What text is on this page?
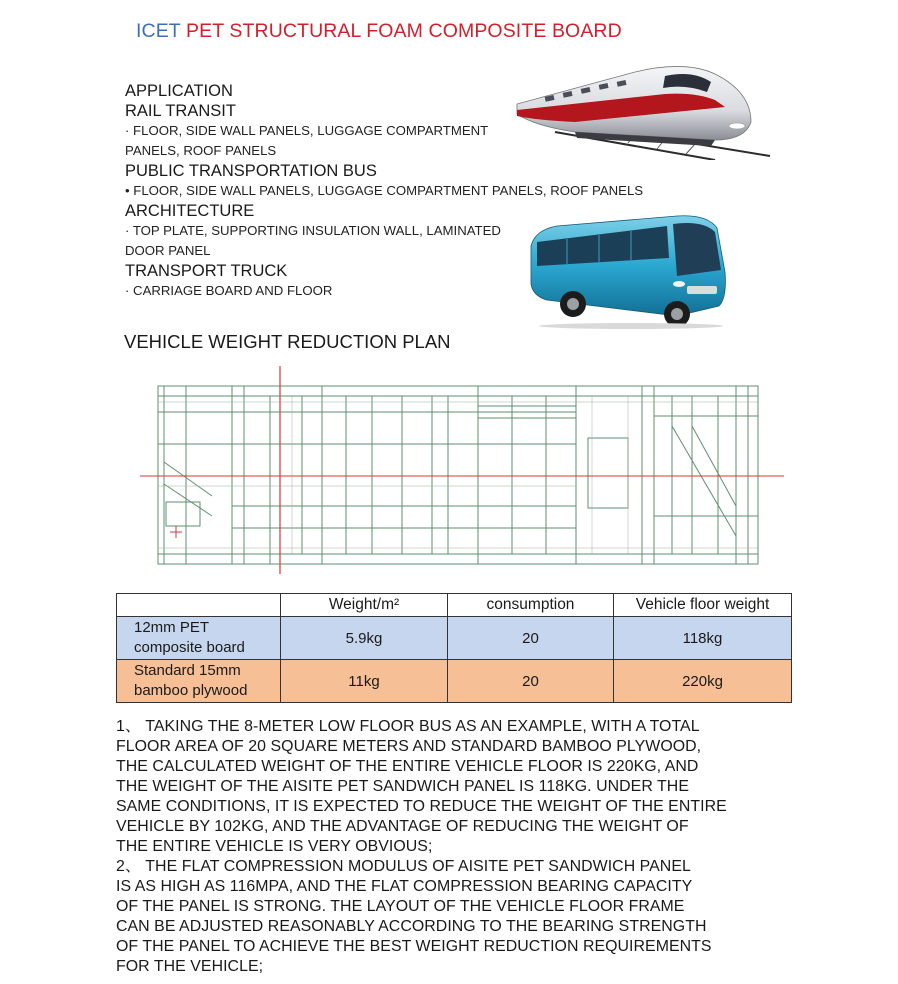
ICET PET STRUCTURAL FOAM COMPOSITE BOARD
APPLICATION
RAIL TRANSIT
· FLOOR, SIDE WALL PANELS, LUGGAGE COMPARTMENT
PANELS, ROOF PANELS
PUBLIC TRANSPORTATION BUS
• FLOOR, SIDE WALL PANELS, LUGGAGE COMPARTMENT PANELS, ROOF PANELS
ARCHITECTURE
· TOP PLATE, SUPPORTING INSULATION WALL, LAMINATED
DOOR PANEL
TRANSPORT TRUCK
· CARRIAGE BOARD AND FLOOR
VEHICLE WEIGHT REDUCTION PLAN
	Weight/m²	consumption	Vehicle floor weight

12mm PET
composite board	5.9kg	20	118kg

Standard 15mm
bamboo plywood	11kg	20	220kg

1、 TAKING THE 8-METER LOW FLOOR BUS AS AN EXAMPLE, WITH A TOTAL

FLOOR AREA OF 20 SQUARE METERS AND STANDARD BAMBOO PLYWOOD,

THE CALCULATED WEIGHT OF THE ENTIRE VEHICLE FLOOR IS 220KG, AND

THE WEIGHT OF THE AISITE PET SANDWICH PANEL IS 118KG. UNDER THE

SAME CONDITIONS, IT IS EXPECTED TO REDUCE THE WEIGHT OF THE ENTIRE

VEHICLE BY 102KG, AND THE ADVANTAGE OF REDUCING THE WEIGHT OF

THE ENTIRE VEHICLE IS VERY OBVIOUS;

2、 THE FLAT COMPRESSION MODULUS OF AISITE PET SANDWICH PANEL

IS AS HIGH AS 116MPA, AND THE FLAT COMPRESSION BEARING CAPACITY

OF THE PANEL IS STRONG. THE LAYOUT OF THE VEHICLE FLOOR FRAME

CAN BE ADJUSTED REASONABLY ACCORDING TO THE BEARING STRENGTH

OF THE PANEL TO ACHIEVE THE BEST WEIGHT REDUCTION REQUIREMENTS

FOR THE VEHICLE;
